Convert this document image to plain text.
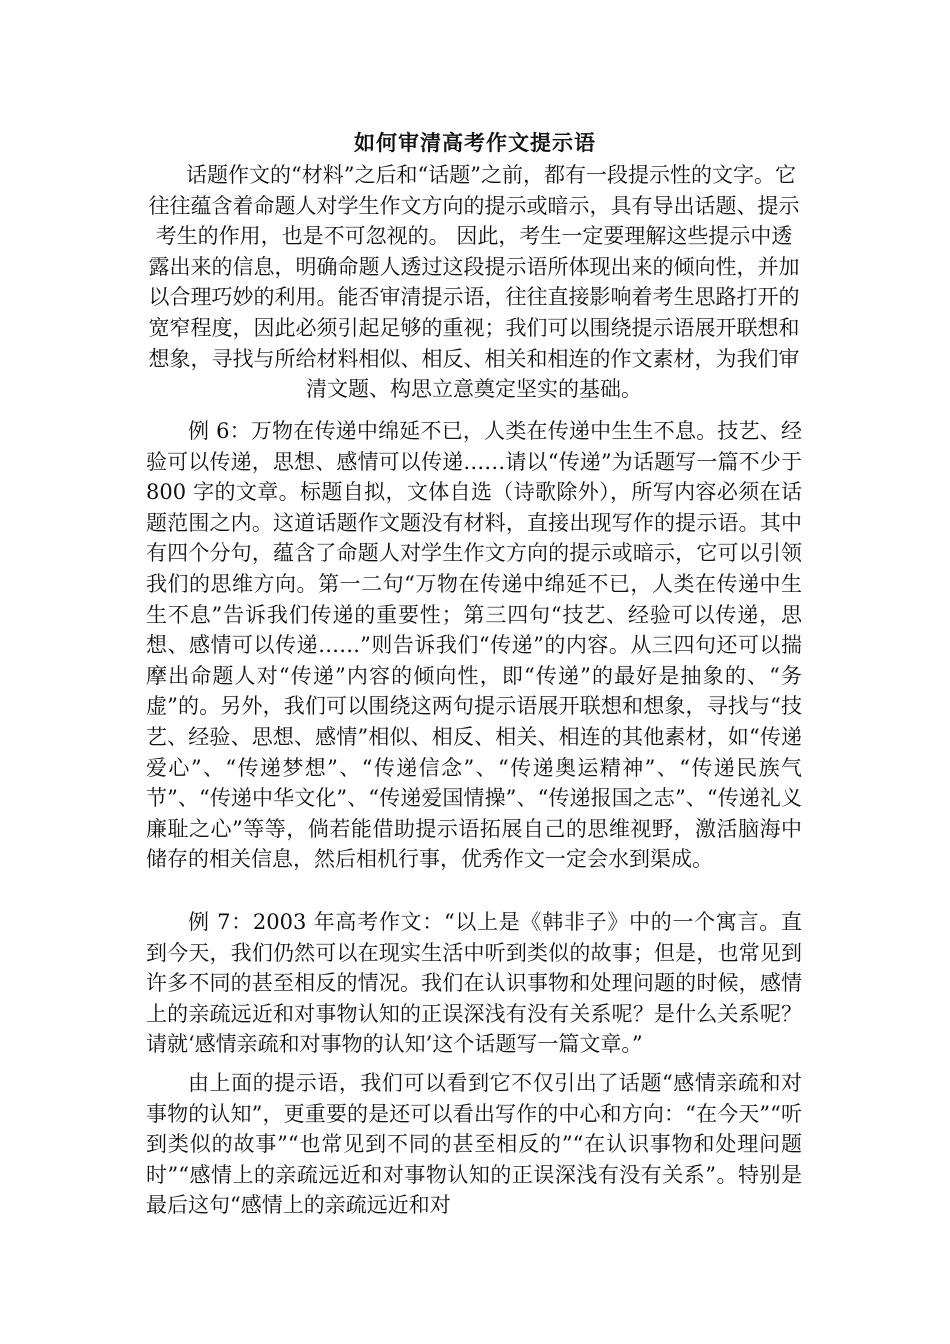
如何审清高考作文提示语
话题作文的“材料”之后和“话题”之前，都有一段提示性的文字。它往往蕴含着命题人对学生作文方向的提示或暗示，具有导出话题、提示考生的作用，也是不可忽视的。 因此，考生一定要理解这些提示中透露出来的信息，明确命题人透过这段提示语所体现出来的倾向性，并加以合理巧妙的利用。能否审清提示语，往往直接影响着考生思路打开的宽窄程度，因此必须引起足够的重视；我们可以围绕提示语展开联想和想象，寻找与所给材料相似、相反、相关和相连的作文素材，为我们审清文题、构思立意奠定坚实的基础。
例 6：万物在传递中绵延不已，人类在传递中生生不息。技艺、经验可以传递，思想、感情可以传递……请以“传递”为话题写一篇不少于 800 字的文章。标题自拟，文体自选（诗歌除外），所写内容必须在话题范围之内。这道话题作文题没有材料，直接出现写作的提示语。其中有四个分句，蕴含了命题人对学生作文方向的提示或暗示，它可以引领我们的思维方向。第一二句“万物在传递中绵延不已，人类在传递中生生不息”告诉我们传递的重要性；第三四句“技艺、经验可以传递，思想、感情可以传递……”则告诉我们“传递”的内容。从三四句还可以揣摩出命题人对“传递”内容的倾向性，即“传递”的最好是抽象的、“务虚”的。另外，我们可以围绕这两句提示语展开联想和想象，寻找与“技艺、经验、思想、感情”相似、相反、相关、相连的其他素材，如“传递爱心”、“传递梦想”、“传递信念”、“传递奥运精神”、“传递民族气节”、“传递中华文化”、“传递爱国情操”、“传递报国之志”、“传递礼义廉耻之心”等等，倘若能借助提示语拓展自己的思维视野，激活脑海中储存的相关信息，然后相机行事，优秀作文一定会水到渠成。
例 7：2003 年高考作文：“以上是《韩非子》中的一个寓言。直到今天，我们仍然可以在现实生活中听到类似的故事；但是，也常见到许多不同的甚至相反的情况。我们在认识事物和处理问题的时候，感情上的亲疏远近和对事物认知的正误深浅有没有关系呢？是什么关系呢？请就‘感情亲疏和对事物的认知’这个话题写一篇文章。”
由上面的提示语，我们可以看到它不仅引出了话题“感情亲疏和对事物的认知”，更重要的是还可以看出写作的中心和方向：“在今天”“听到类似的故事”“也常见到不同的甚至相反的”“在认识事物和处理问题时”“感情上的亲疏远近和对事物认知的正误深浅有没有关系”。特别是最后这句“感情上的亲疏远近和对
